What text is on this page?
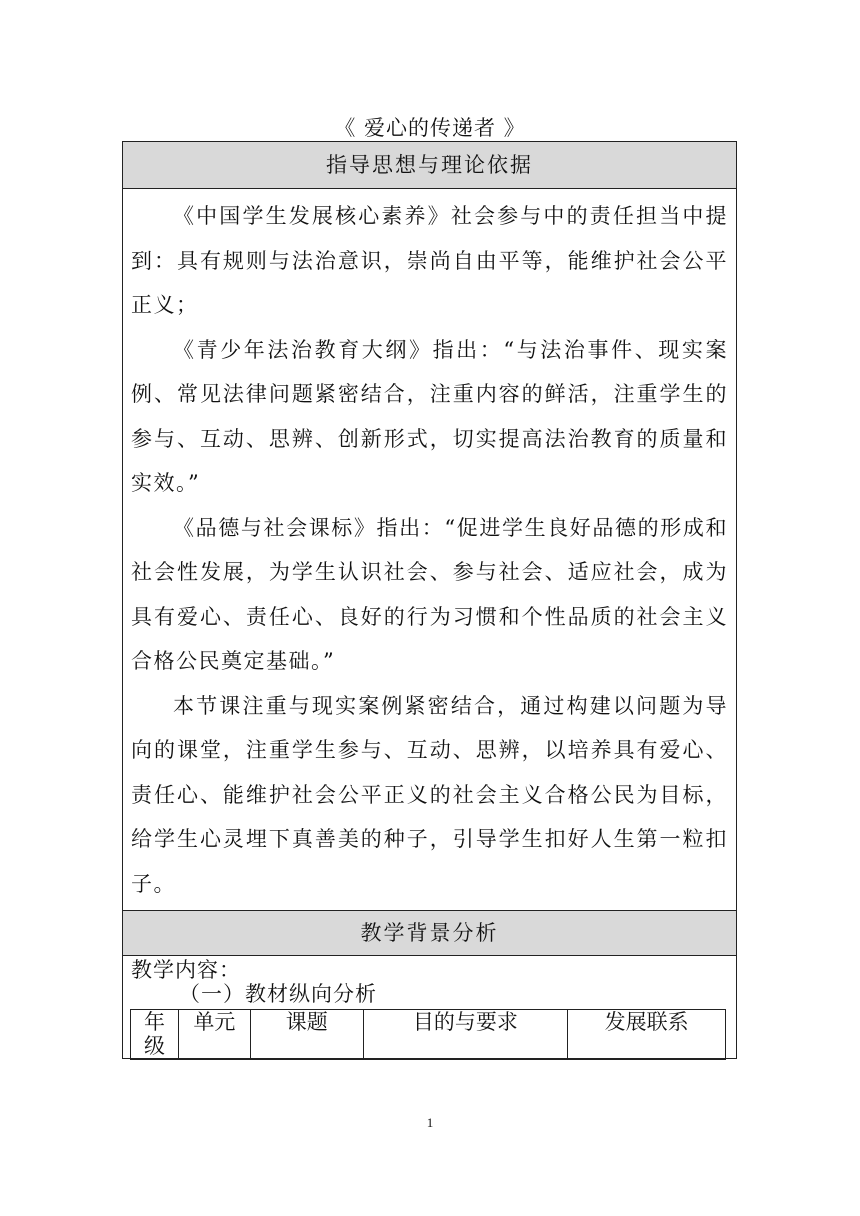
《 爱心的传递者 》
指导思想与理论依据

《中国学生发展核心素养》社会参与中的责任担当中提到：具有规则与法治意识，崇尚自由平等，能维护社会公平正义；

《青少年法治教育大纲》指出：“与法治事件、现实案例、常见法律问题紧密结合，注重内容的鲜活，注重学生的参与、互动、思辨、创新形式，切实提高法治教育的质量和实效。”

《品德与社会课标》指出：“促进学生良好品德的形成和社会性发展，为学生认识社会、参与社会、适应社会，成为具有爱心、责任心、良好的行为习惯和个性品质的社会主义合格公民奠定基础。”

本节课注重与现实案例紧密结合，通过构建以问题为导向的课堂，注重学生参与、互动、思辨，以培养具有爱心、责任心、能维护社会公平正义的社会主义合格公民为目标，给学生心灵埋下真善美的种子，引导学生扣好人生第一粒扣子。

教学背景分析
教学内容：
（一）教材纵向分析
年级	单元	课题	目的与要求	发展联系
1
